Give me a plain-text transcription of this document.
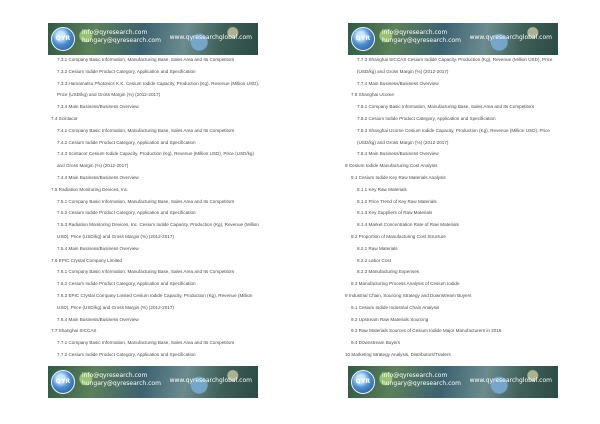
QYR
info@qyresearch.com
hungary@qyresearch.com www.qyresearchglobal.com
7.3.1 Company Basic Information, Manufacturing Base, Sales Area and Its Competitors
7.3.2 Cesium Iodide Product Category, Application and Specification
7.3.3 Hamamatsu Photonics K.K. Cesium Iodide Capacity, Production (Kg), Revenue (Million USD),
Price (USD/kg) and Gross Margin (%) (2012-2017)
7.3.4 Main Business/Business Overview
7.4 Scintacor
7.4.1 Company Basic Information, Manufacturing Base, Sales Area and Its Competitors
7.4.2 Cesium Iodide Product Category, Application and Specification
7.4.3 Scintacor Cesium Iodide Capacity, Production (Kg), Revenue (Million USD), Price (USD/kg)
and Gross Margin (%) (2012-2017)
7.4.4 Main Business/Business Overview
7.5 Radiation Monitoring Devices, Inc.
7.5.1 Company Basic Information, Manufacturing Base, Sales Area and Its Competitors
7.5.2 Cesium Iodide Product Category, Application and Specification
7.5.3 Radiation Monitoring Devices, Inc. Cesium Iodide Capacity, Production (Kg), Revenue (Million
USD), Price (USD/kg) and Gross Margin (%) (2012-2017)
7.5.4 Main Business/Business Overview
7.6 EPIC Crystal Company Limited
7.6.1 Company Basic Information, Manufacturing Base, Sales Area and Its Competitors
7.6.2 Cesium Iodide Product Category, Application and Specification
7.6.3 EPIC Crystal Company Limited Cesium Iodide Capacity, Production (Kg), Revenue (Million
USD), Price (USD/kg) and Gross Margin (%) (2012-2017)
7.6.4 Main Business/Business Overview
7.7 Shanghai SICCAS
7.7.1 Company Basic Information, Manufacturing Base, Sales Area and Its Competitors
7.7.2 Cesium Iodide Product Category, Application and Specification
QYR
info@qyresearch.com
hungary@qyresearch.com www.qyresearchglobal.com
QYR
info@qyresearch.com
hungary@qyresearch.com www.qyresearchglobal.com
7.7.3 Shanghai SICCAS Cesium Iodide Capacity, Production (Kg), Revenue (Million USD), Price
(USD/kg) and Gross Margin (%) (2012-2017)
7.7.4 Main Business/Business Overview
7.8 Shanghai Ucome
7.8.1 Company Basic Information, Manufacturing Base, Sales Area and Its Competitors
7.8.2 Cesium Iodide Product Category, Application and Specification
7.8.3 Shanghai Ucome Cesium Iodide Capacity, Production (Kg), Revenue (Million USD), Price
(USD/kg) and Gross Margin (%) (2012-2017)
7.8.4 Main Business/Business Overview
8 Cesium Iodide Manufacturing Cost Analysis
8.1 Cesium Iodide Key Raw Materials Analysis
8.1.1 Key Raw Materials
8.1.2 Price Trend of Key Raw Materials
8.1.3 Key Suppliers of Raw Materials
8.1.4 Market Concentration Rate of Raw Materials
8.2 Proportion of Manufacturing Cost Structure
8.2.1 Raw Materials
8.2.2 Labor Cost
8.2.3 Manufacturing Expenses
8.3 Manufacturing Process Analysis of Cesium Iodide
9 Industrial Chain, Sourcing Strategy and Downstream Buyers
9.1 Cesium Iodide Industrial Chain Analysis
9.2 Upstream Raw Materials Sourcing
9.3 Raw Materials Sources of Cesium Iodide Major Manufacturers in 2016
9.4 Downstream Buyers
10 Marketing Strategy Analysis, Distributors/Traders
QYR
info@qyresearch.com
hungary@qyresearch.com www.qyresearchglobal.com
